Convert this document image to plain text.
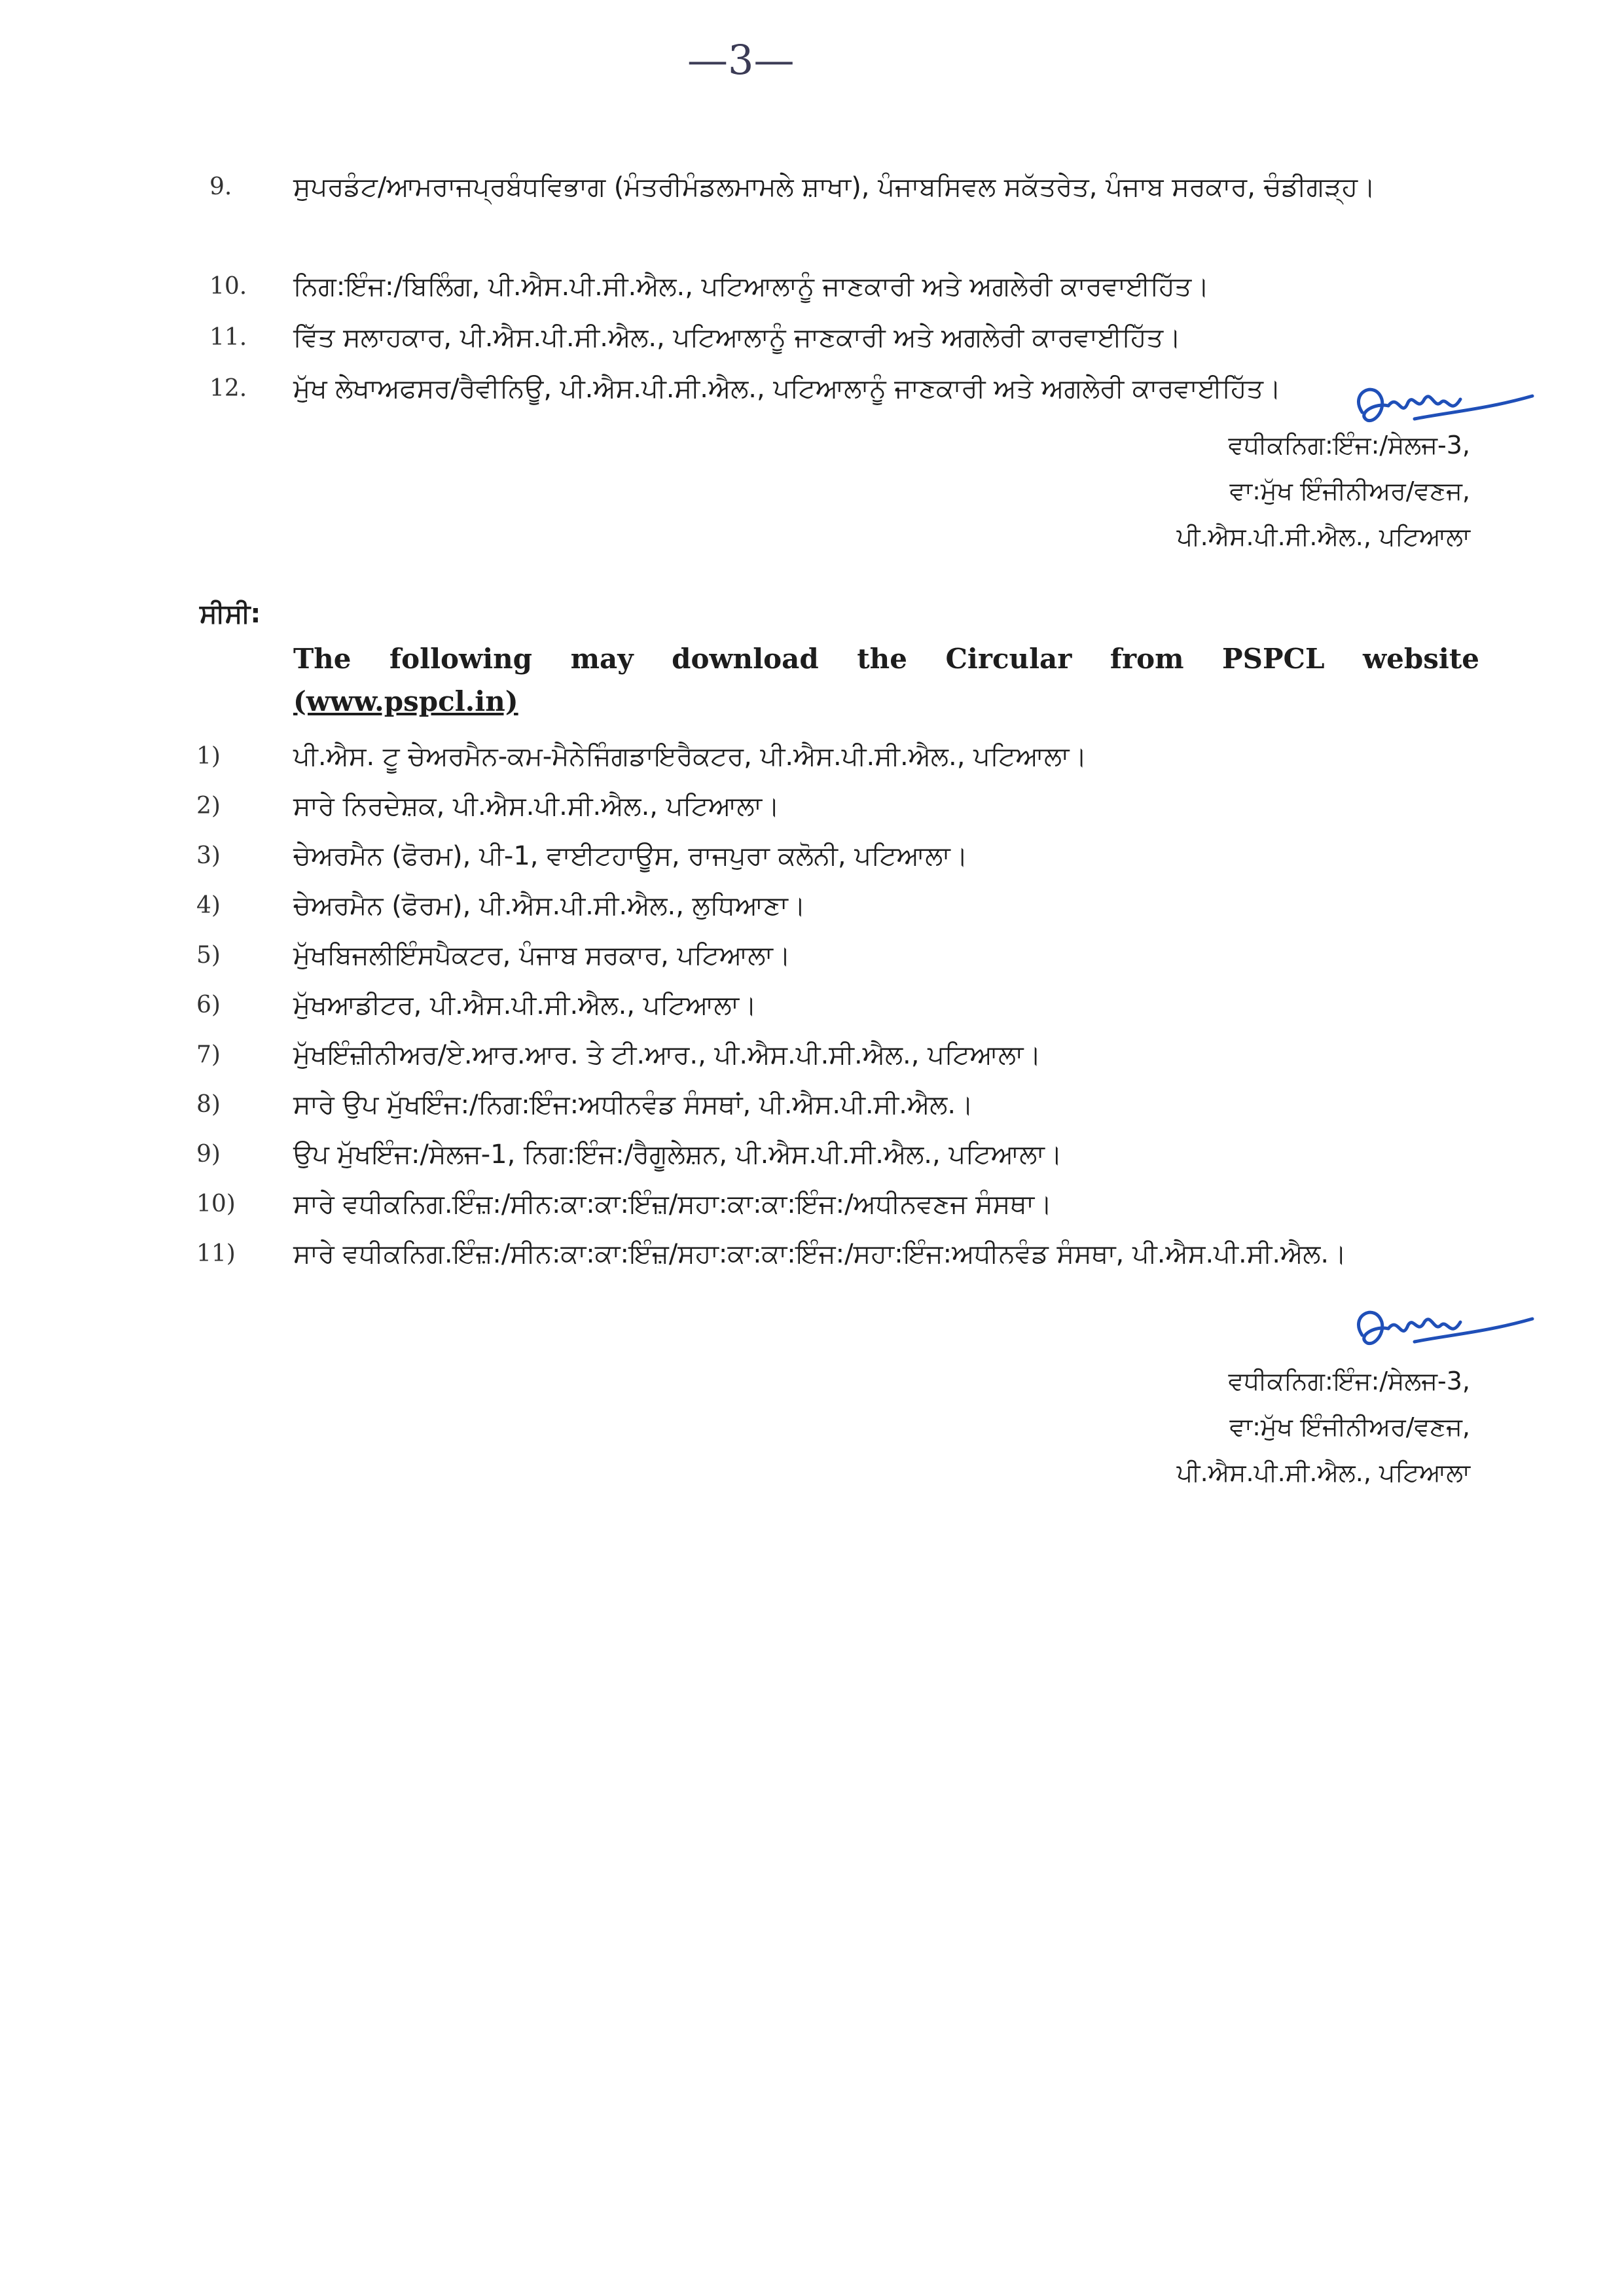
—3—
9. ਸੁਪਰਡੰਟ/ਆਮਰਾਜਪ੍ਰਬੰਧਵਿਭਾਗ (ਮੰਤਰੀਮੰਡਲਮਾਮਲੇ ਸ਼ਾਖਾ), ਪੰਜਾਬਸਿਵਲ ਸਕੱਤਰੇਤ, ਪੰਜਾਬ ਸਰਕਾਰ, ਚੰਡੀਗੜ੍ਹ।
10. ਨਿਗ:ਇੰਜ:/ਬਿਲਿੰਗ, ਪੀ.ਐਸ.ਪੀ.ਸੀ.ਐਲ., ਪਟਿਆਲਾਨੂੰ ਜਾਣਕਾਰੀ ਅਤੇ ਅਗਲੇਰੀ ਕਾਰਵਾਈਹਿੱਤ।
11. ਵਿੱਤ ਸਲਾਹਕਾਰ, ਪੀ.ਐਸ.ਪੀ.ਸੀ.ਐਲ., ਪਟਿਆਲਾਨੂੰ ਜਾਣਕਾਰੀ ਅਤੇ ਅਗਲੇਰੀ ਕਾਰਵਾਈਹਿੱਤ।
12. ਮੁੱਖ ਲੇਖਾਅਫਸਰ/ਰੈਵੀਨਿਊ, ਪੀ.ਐਸ.ਪੀ.ਸੀ.ਐਲ., ਪਟਿਆਲਾਨੂੰ ਜਾਣਕਾਰੀ ਅਤੇ ਅਗਲੇਰੀ ਕਾਰਵਾਈਹਿੱਤ।
ਵਧੀਕਨਿਗ:ਇੰਜ:/ਸੇਲਜ-3,
ਵਾ:ਮੁੱਖ ਇੰਜੀਨੀਅਰ/ਵਣਜ,
ਪੀ.ਐਸ.ਪੀ.ਸੀ.ਐਲ., ਪਟਿਆਲਾ
ਸੀਸੀ:
The following may download the Circular from PSPCL website
(www.pspcl.in)
1)	ਪੀ.ਐਸ. ਟੂ ਚੇਅਰਮੈਨ-ਕਮ-ਮੈਨੇਜਿੰਗਡਾਇਰੈਕਟਰ, ਪੀ.ਐਸ.ਪੀ.ਸੀ.ਐਲ., ਪਟਿਆਲਾ।
2)	ਸਾਰੇ ਨਿਰਦੇਸ਼ਕ, ਪੀ.ਐਸ.ਪੀ.ਸੀ.ਐਲ., ਪਟਿਆਲਾ।
3)	ਚੇਅਰਮੈਨ (ਫੋਰਮ), ਪੀ-1, ਵਾਈਟਹਾਊਸ, ਰਾਜਪੁਰਾ ਕਲੋਨੀ, ਪਟਿਆਲਾ।
4)	ਚੇਅਰਮੈਨ (ਫੋਰਮ), ਪੀ.ਐਸ.ਪੀ.ਸੀ.ਐਲ., ਲੁਧਿਆਣਾ।
5)	ਮੁੱਖਬਿਜਲੀਇੰਸਪੈਕਟਰ, ਪੰਜਾਬ ਸਰਕਾਰ, ਪਟਿਆਲਾ।
6)	ਮੁੱਖਆਡੀਟਰ, ਪੀ.ਐਸ.ਪੀ.ਸੀ.ਐਲ., ਪਟਿਆਲਾ।
7)	ਮੁੱਖਇੰਜ਼ੀਨੀਅਰ/ਏ.ਆਰ.ਆਰ. ਤੇ ਟੀ.ਆਰ., ਪੀ.ਐਸ.ਪੀ.ਸੀ.ਐਲ., ਪਟਿਆਲਾ।
8)	ਸਾਰੇ ਉਪ ਮੁੱਖਇੰਜ:/ਨਿਗ:ਇੰਜ:ਅਧੀਨਵੰਡ ਸੰਸਥਾਂ, ਪੀ.ਐਸ.ਪੀ.ਸੀ.ਐਲ.।
9)	ਉਪ ਮੁੱਖਇੰਜ:/ਸੇਲਜ-1, ਨਿਗ:ਇੰਜ:/ਰੈਗੂਲੇਸ਼ਨ, ਪੀ.ਐਸ.ਪੀ.ਸੀ.ਐਲ., ਪਟਿਆਲਾ।
10) ਸਾਰੇ ਵਧੀਕਨਿਗ.ਇੰਜ਼:/ਸੀਨ:ਕਾ:ਕਾ:ਇੰਜ਼/ਸਹਾ:ਕਾ:ਕਾ:ਇੰਜ:/ਅਧੀਨਵਣਜ ਸੰਸਥਾ।
11) ਸਾਰੇ ਵਧੀਕਨਿਗ.ਇੰਜ਼:/ਸੀਨ:ਕਾ:ਕਾ:ਇੰਜ਼/ਸਹਾ:ਕਾ:ਕਾ:ਇੰਜ:/ਸਹਾ:ਇੰਜ:ਅਧੀਨਵੰਡ ਸੰਸਥਾ, ਪੀ.ਐਸ.ਪੀ.ਸੀ.ਐਲ.।
ਵਧੀਕਨਿਗ:ਇੰਜ:/ਸੇਲਜ-3,
ਵਾ:ਮੁੱਖ ਇੰਜੀਨੀਅਰ/ਵਣਜ,
ਪੀ.ਐਸ.ਪੀ.ਸੀ.ਐਲ., ਪਟਿਆਲਾ
